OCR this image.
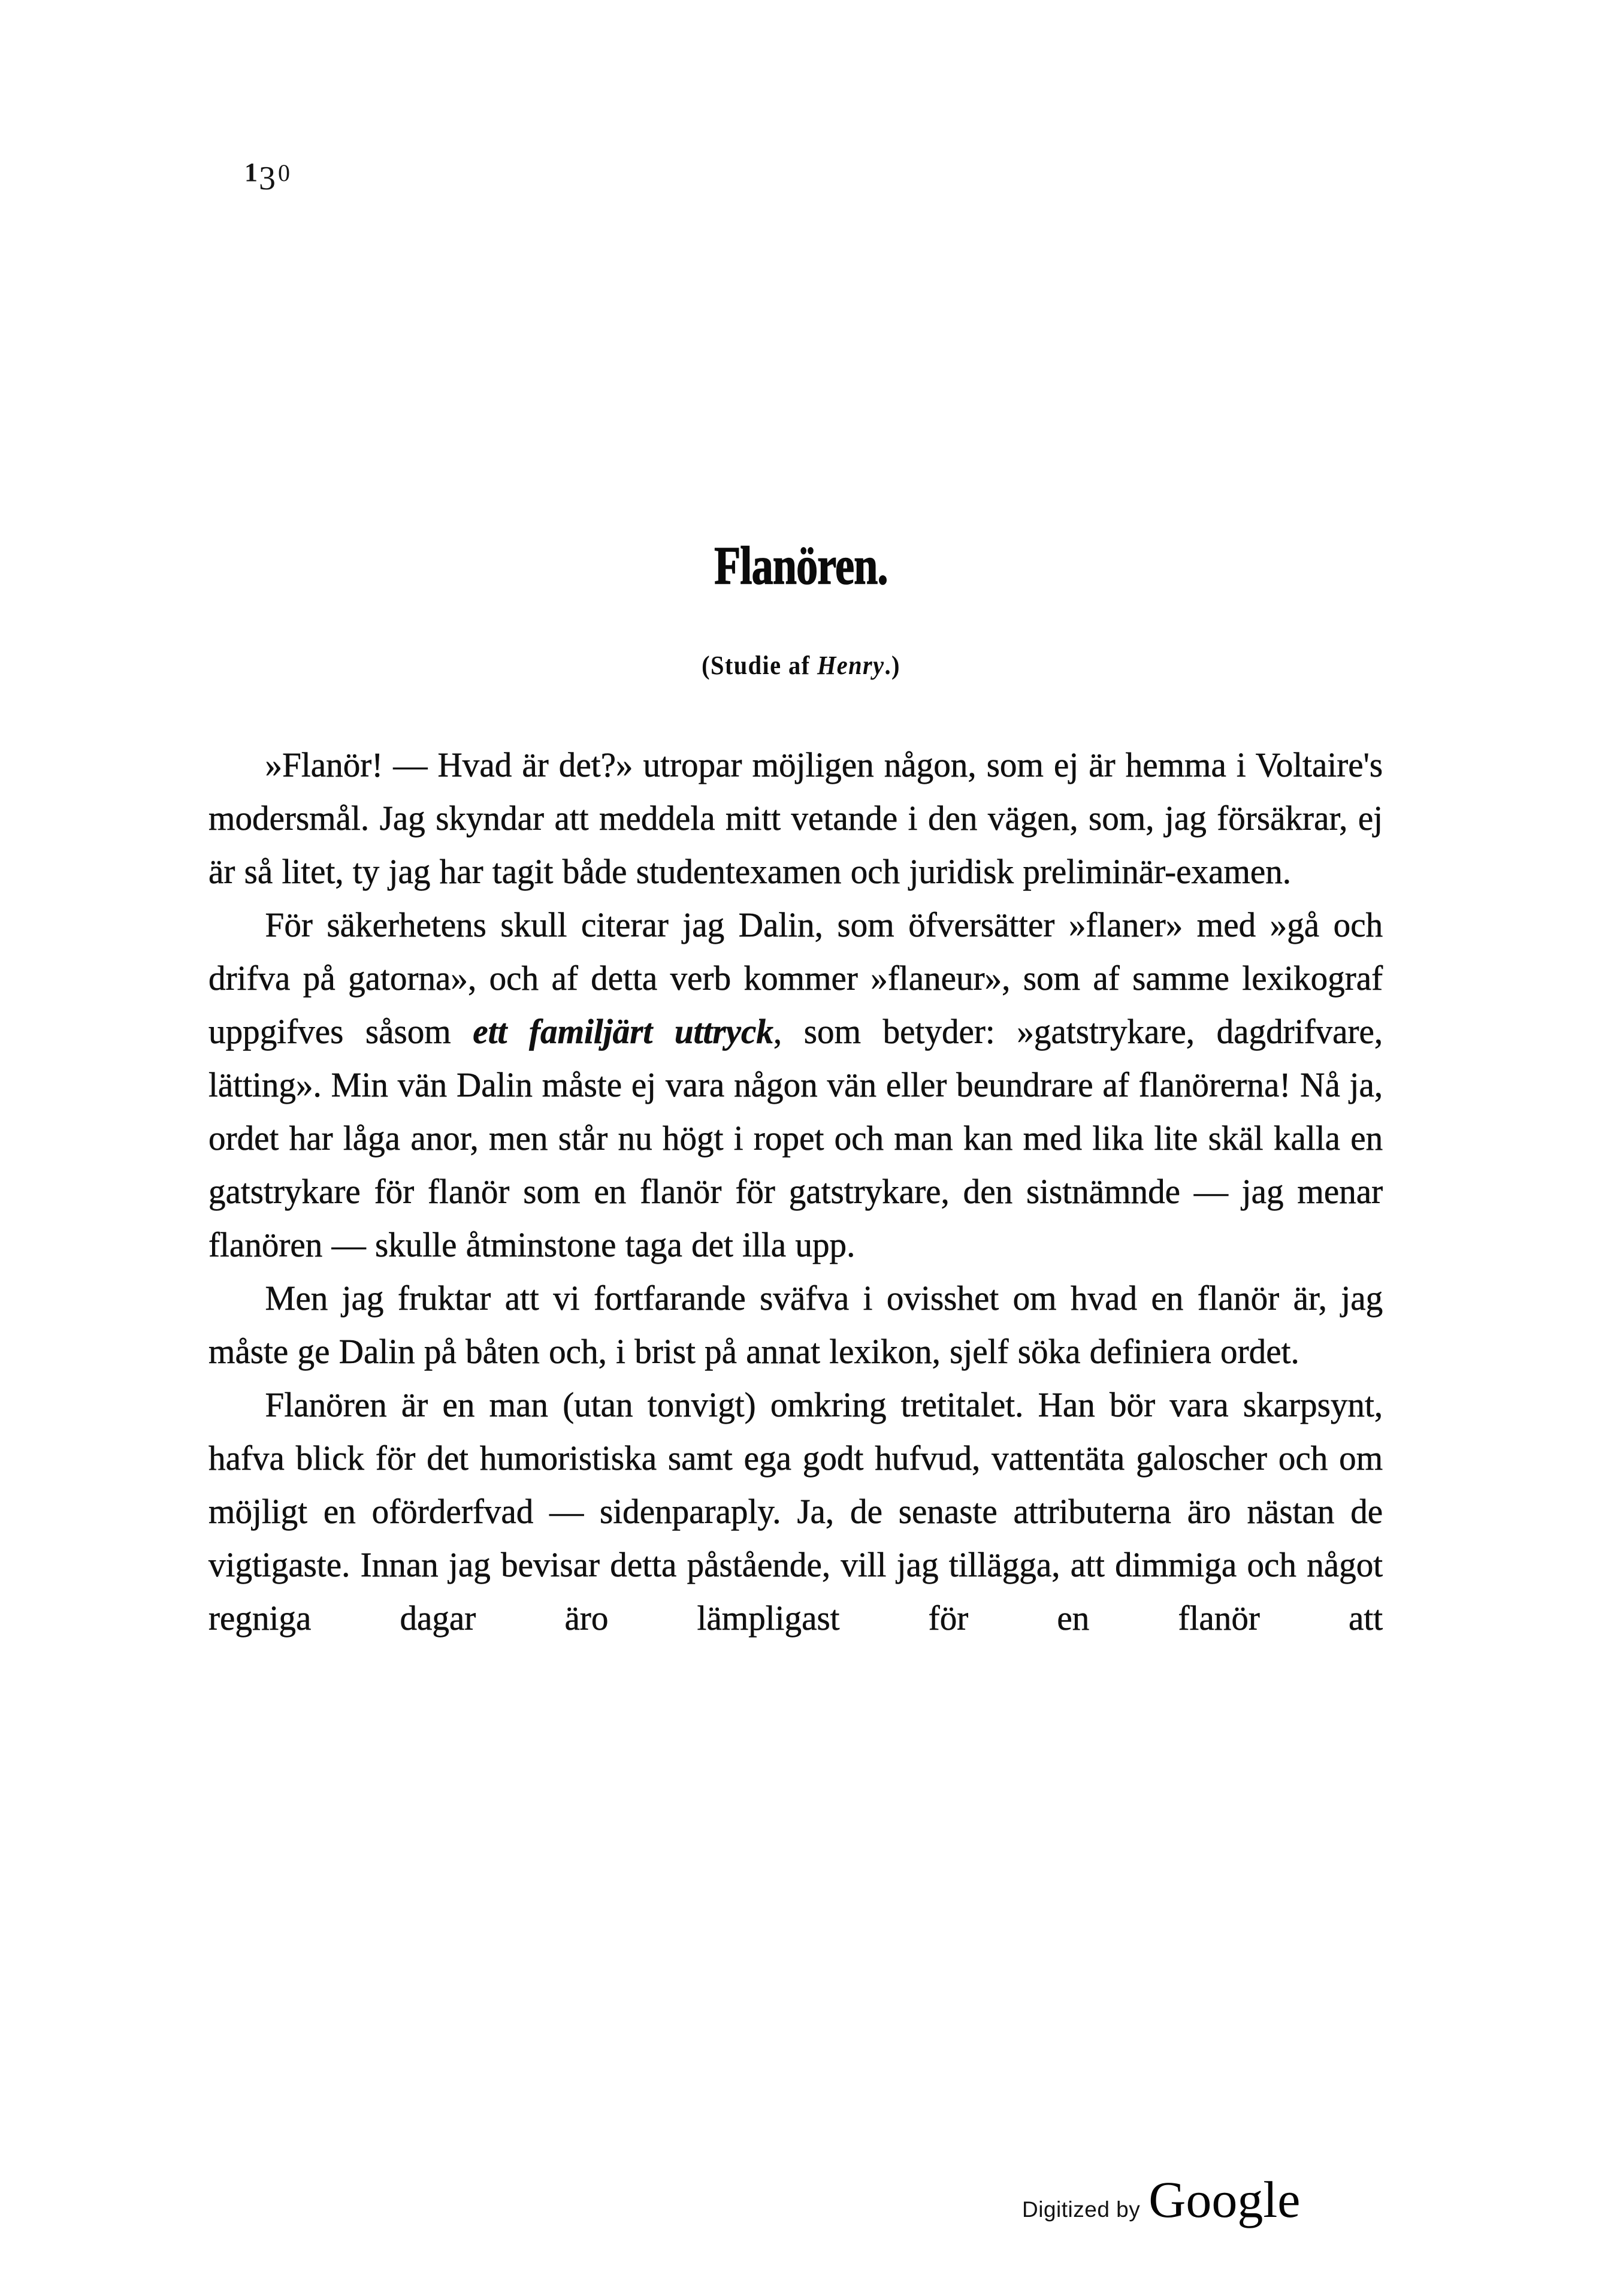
130
Flanören.
(Studie af Henry.)

»Flanör! — Hvad är det?» utropar möjligen någon, som ej är hemma i Voltaire's modersmål. Jag skyndar att meddela mitt vetande i den vägen, som, jag försäkrar, ej är så litet, ty jag har tagit både studentexamen och juridisk preliminär-examen.

För säkerhetens skull citerar jag Dalin, som öfversätter »flaner» med »gå och drifva på gatorna», och af detta verb kommer »flaneur», som af samme lexikograf uppgifves såsom ett familjärt uttryck, som betyder: »gatstrykare, dagdrifvare, lätting». Min vän Dalin måste ej vara någon vän eller beundrare af flanörerna! Nå ja, ordet har låga anor, men står nu högt i ropet och man kan med lika lite skäl kalla en gatstrykare för flanör som en flanör för gatstrykare, den sistnämnde — jag menar flanören — skulle åtminstone taga det illa upp.

Men jag fruktar att vi fortfarande sväfva i ovisshet om hvad en flanör är, jag måste ge Dalin på båten och, i brist på annat lexikon, sjelf söka definiera ordet.

Flanören är en man (utan tonvigt) omkring tretitalet. Han bör vara skarpsynt, hafva blick för det humoristiska samt ega godt hufvud, vattentäta galoscher och om möjligt en oförderfvad — sidenparaply. Ja, de senaste attributerna äro nästan de vigtigaste. Innan jag bevisar detta påstående, vill jag tillägga, att dimmiga och något regniga dagar äro lämpligast för en flanör att

Digitized by Google
